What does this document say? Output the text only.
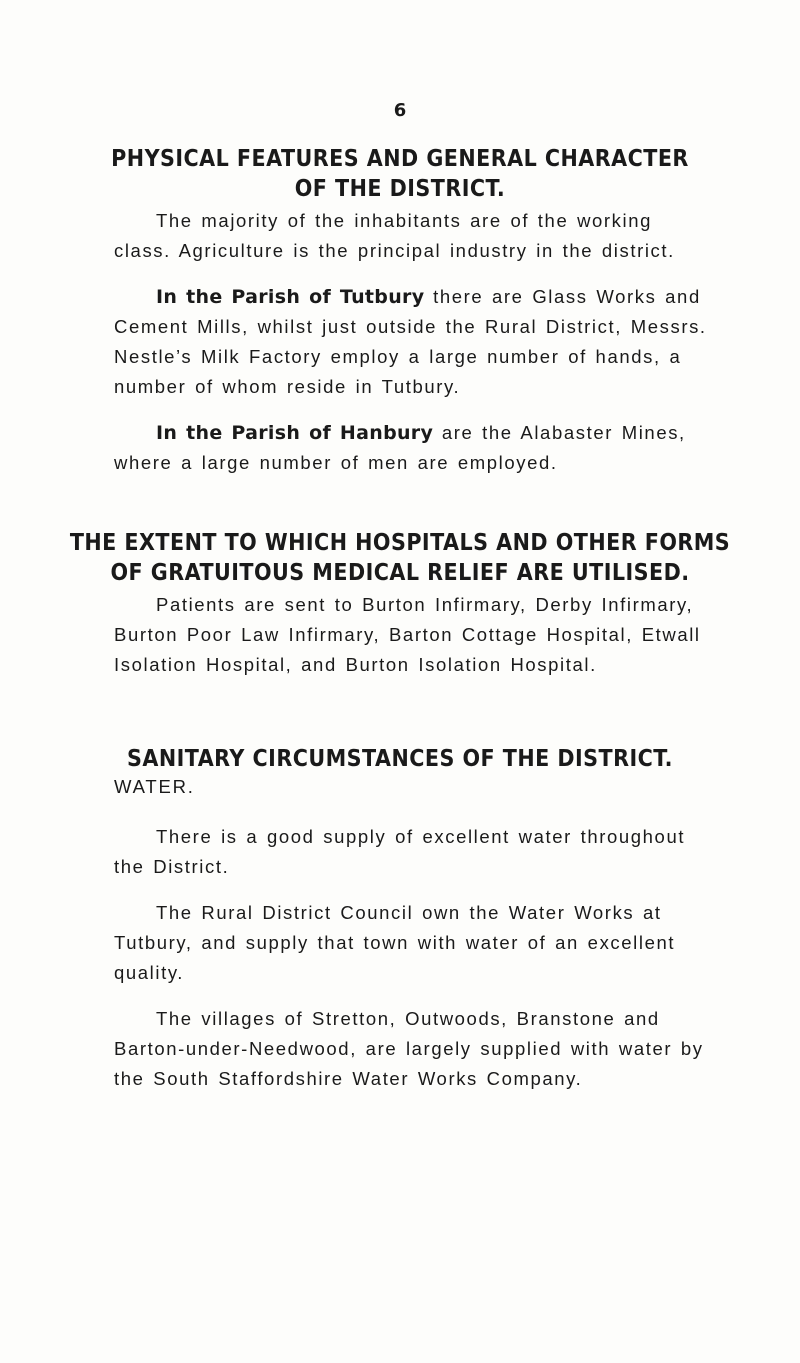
6
PHYSICAL FEATURES AND GENERAL CHARACTER
OF THE DISTRICT.
The majority of the inhabitants are of the working
class. Agriculture is the principal industry in the district.
In the Parish of Tutbury there are Glass Works and
Cement Mills, whilst just outside the Rural District, Messrs.
Nestle’s Milk Factory employ a large number of hands, a
number of whom reside in Tutbury.
In the Parish of Hanbury are the Alabaster Mines,
where a large number of men are employed.
THE EXTENT TO WHICH HOSPITALS AND OTHER FORMS
OF GRATUITOUS MEDICAL RELIEF ARE UTILISED.
Patients are sent to Burton Infirmary, Derby Infirmary,
Burton Poor Law Infirmary, Barton Cottage Hospital, Etwall
Isolation Hospital, and Burton Isolation Hospital.
SANITARY CIRCUMSTANCES OF THE DISTRICT.
WATER.
There is a good supply of excellent water throughout
the District.
The Rural District Council own the Water Works at
Tutbury, and supply that town with water of an excellent
quality.
The villages of Stretton, Outwoods, Branstone and
Barton-under-Needwood, are largely supplied with water by
the South Staffordshire Water Works Company.
